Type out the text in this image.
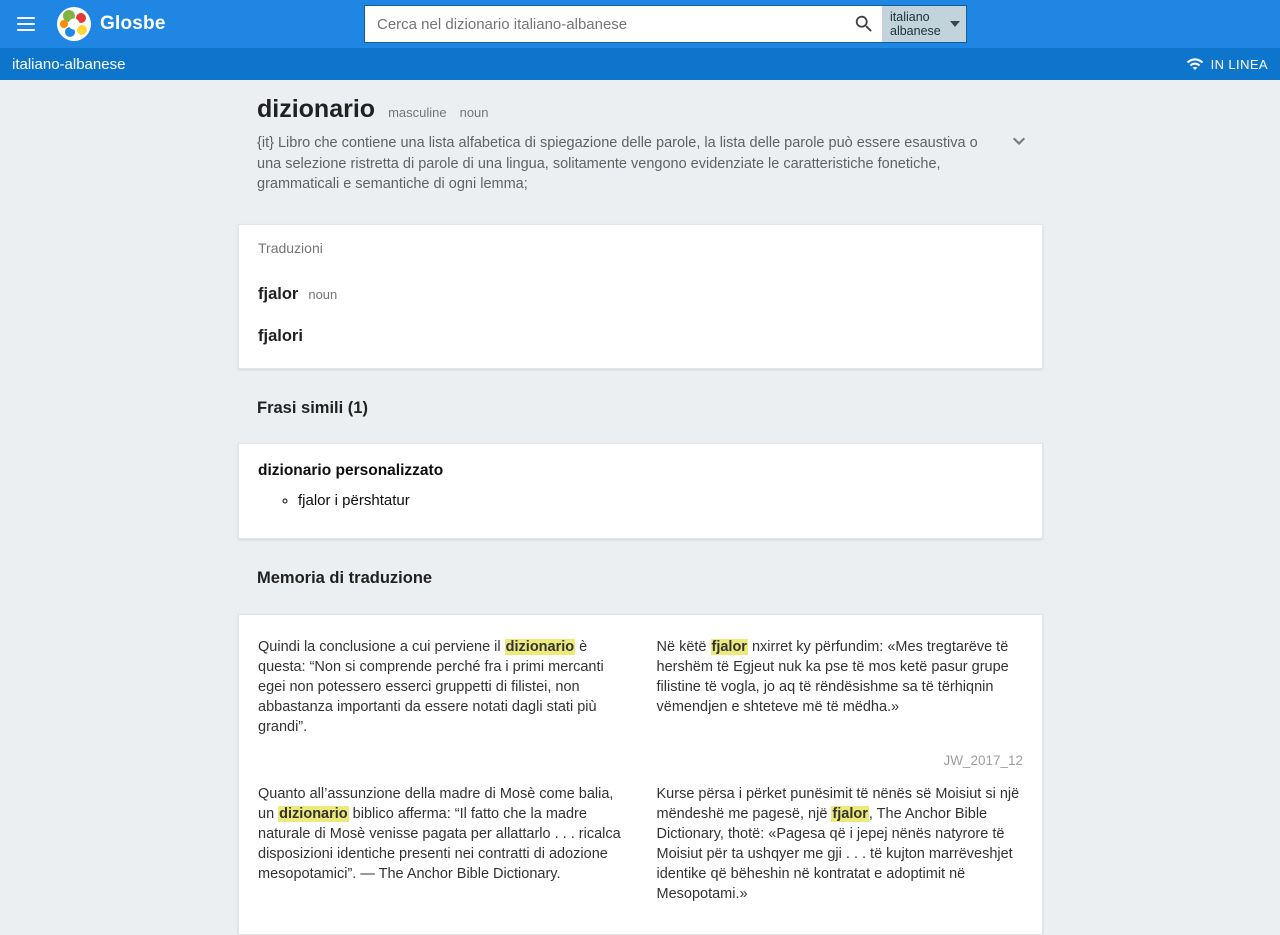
Glosbe
Cerca nel dizionario italiano-albanese	italiano
albanese
italiano-albanese	IN LINEA
dizionario masculine noun

{it} Libro che contiene una lista alfabetica di spiegazione delle parole, la lista delle parole può essere esaustiva o una selezione ristretta di parole di una lingua, solitamente vengono evidenziate le caratteristiche fonetiche, grammaticali e semantiche di ogni lemma;

Traduzioni
fjalor noun
fjalori
Frasi simili (1)
dizionario personalizzato
◦ fjalor i përshtatur
Memoria di traduzione

Quindi la conclusione a cui perviene il dizionario è questa: “Non si comprende perché fra i primi mercanti egei non potessero esserci gruppetti di filistei, non abbastanza importanti da essere notati dagli stati più grandi”.

Në këtë fjalor nxirret ky përfundim: «Mes tregtarëve të hershëm të Egjeut nuk ka pse të mos ketë pasur grupe filistine të vogla, jo aq të rëndësishme sa të tërhiqnin vëmendjen e shteteve më të mëdha.»

JW_2017_12

Quanto all’assunzione della madre di Mosè come balia, un dizionario biblico afferma: “Il fatto che la madre naturale di Mosè venisse pagata per allattarlo . . . ricalca disposizioni identiche presenti nei contratti di adozione mesopotamici”. — The Anchor Bible Dictionary.

Kurse përsa i përket punësimit të nënës së Moisiut si një mëndeshë me pagesë, një fjalor, The Anchor Bible Dictionary, thotë: «Pagesa që i jepej nënës natyrore të Moisiut për ta ushqyer me gji . . . të kujton marrëveshjet identike që bëheshin në kontratat e adoptimit në Mesopotami.»
